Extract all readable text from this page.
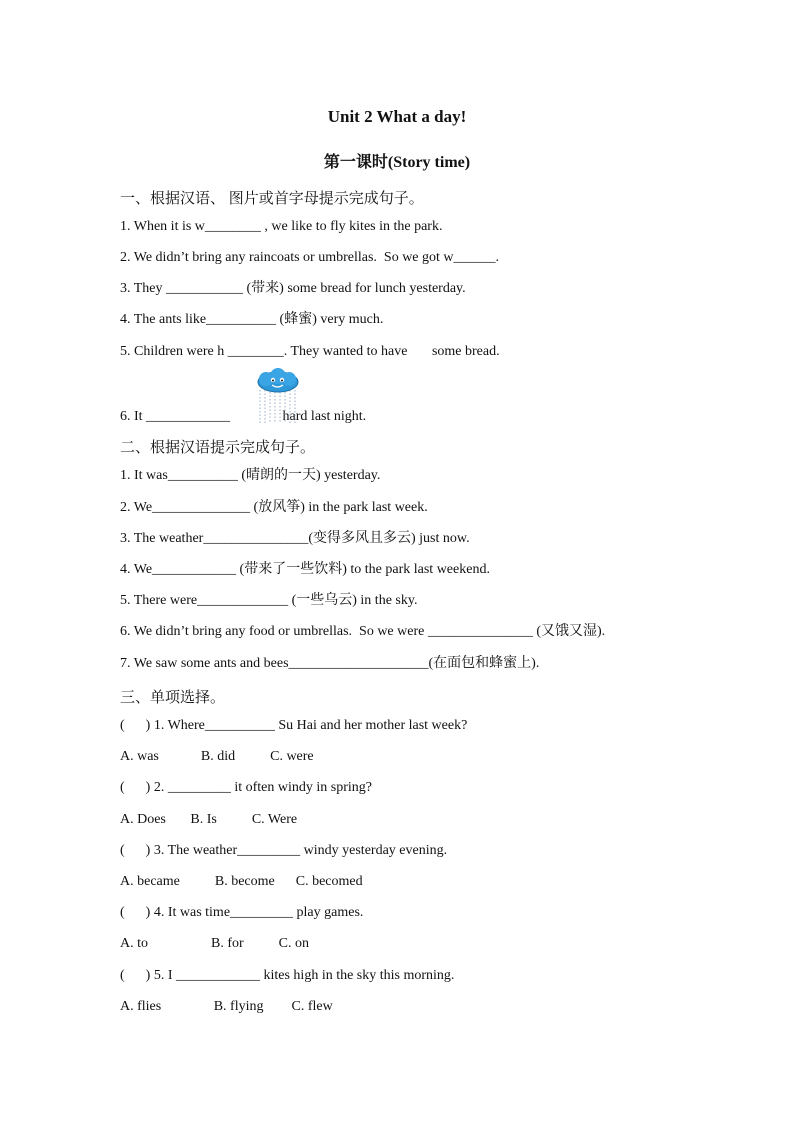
Unit 2 What a day!
第一课时(Story time)
一、根据汉语、 图片或首字母提示完成句子。
1. When it is w________ , we like to fly kites in the park.
2. We didn’t bring any raincoats or umbrellas.  So we got w______.
3. They ___________ (带来) some bread for lunch yesterday.
4. The ants like__________ (蜂蜜) very much.
5. Children were h ________. They wanted to have       some bread.
6. It ____________               hard last night.
二、根据汉语提示完成句子。
1. It was__________ (晴朗的一天) yesterday.
2. We______________ (放风筝) in the park last week.
3. The weather_______________(变得多风且多云) just now.
4. We____________ (带来了一些饮料) to the park last weekend.
5. There were_____________ (一些乌云) in the sky.
6. We didn’t bring any food or umbrellas.  So we were _______________ (又饿又湿).
7. We saw some ants and bees____________________(在面包和蜂蜜上).
三、单项选择。
(      ) 1. Where__________ Su Hai and her mother last week?
A. was            B. did          C. were
(      ) 2. _________ it often windy in spring?
A. Does       B. Is          C. Were
(      ) 3. The weather_________ windy yesterday evening.
A. became          B. become      C. becomed
(      ) 4. It was time_________ play games.
A. to                  B. for          C. on
(      ) 5. I ____________ kites high in the sky this morning.
A. flies               B. flying        C. flew
